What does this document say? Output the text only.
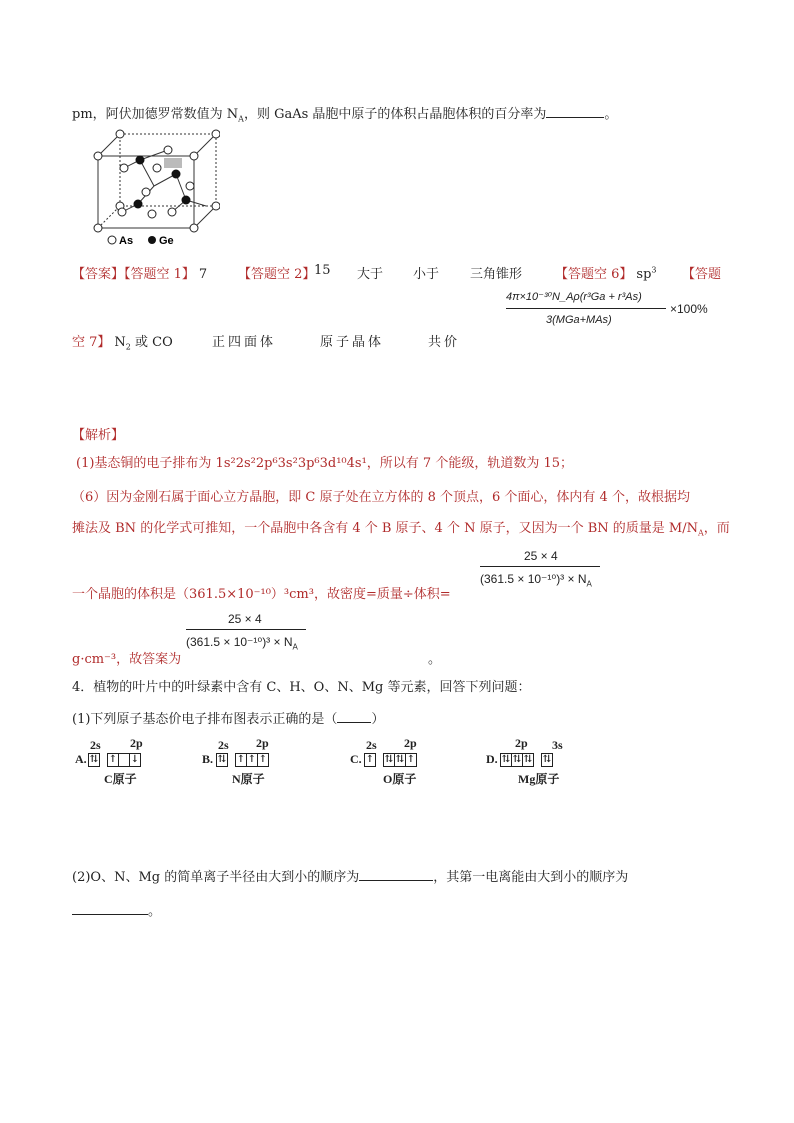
pm，阿伏加德罗常数值为 $N_A$，则 GaAs 晶胞中原子的体积占晶胞体积的百分率为	。
As Ge
【答案】【答题空 1】 7 【答题空 2】
15 大于 小于 三角锥形	【答题空 6】 $sp^3$ 【答题
4π×10⁻³⁰N_Aρ(r³Ga + r³As)
×100%
3(MGa+MAs)
空 7】 $N_2$ 或 CO	正四面体	原子晶体	共价
【解析】
(1)基态铜的电子排布为 1s²2s²2p⁶3s²3p⁶3d¹⁰4s¹，所以有 7 个能级，轨道数为 15；
（6）因为金刚石属于面心立方晶胞，即 C 原子处在立方体的 8 个顶点，6 个面心，体内有 4 个，故根据均
摊法及 BN 的化学式可推知，一个晶胞中各含有 4 个 B 原子、4 个 N 原子，又因为一个 BN 的质量是 $M/N_A$，而
25 × 4
$(361.5 \times 10^{-10})^3 \times N_A$
一个晶胞的体积是（361.5×10⁻¹⁰）³cm³，故密度=质量÷体积=
25 × 4
$(361.5 \times 10^{-10})^3 \times N_A$
g·cm⁻³，故答案为	。
4．植物的叶片中的叶绿素中含有 C、H、O、N、Mg 等元素，回答下列问题：
(1)下列原子基态价电子排布图表示正确的是（	）
2s 2p
A. ⇅ ↑ ↓
C原子
2s 2p
B. ⇅ ↑ ↑ ↑
N原子
2s 2p
C. ↑ ⇅ ⇅ ↑
O原子
2p 3s
D. ⇅ ⇅ ⇅ ⇅
Mg原子
(2)O、N、Mg 的简单离子半径由大到小的顺序为	，其第一电离能由大到小的顺序为
。
